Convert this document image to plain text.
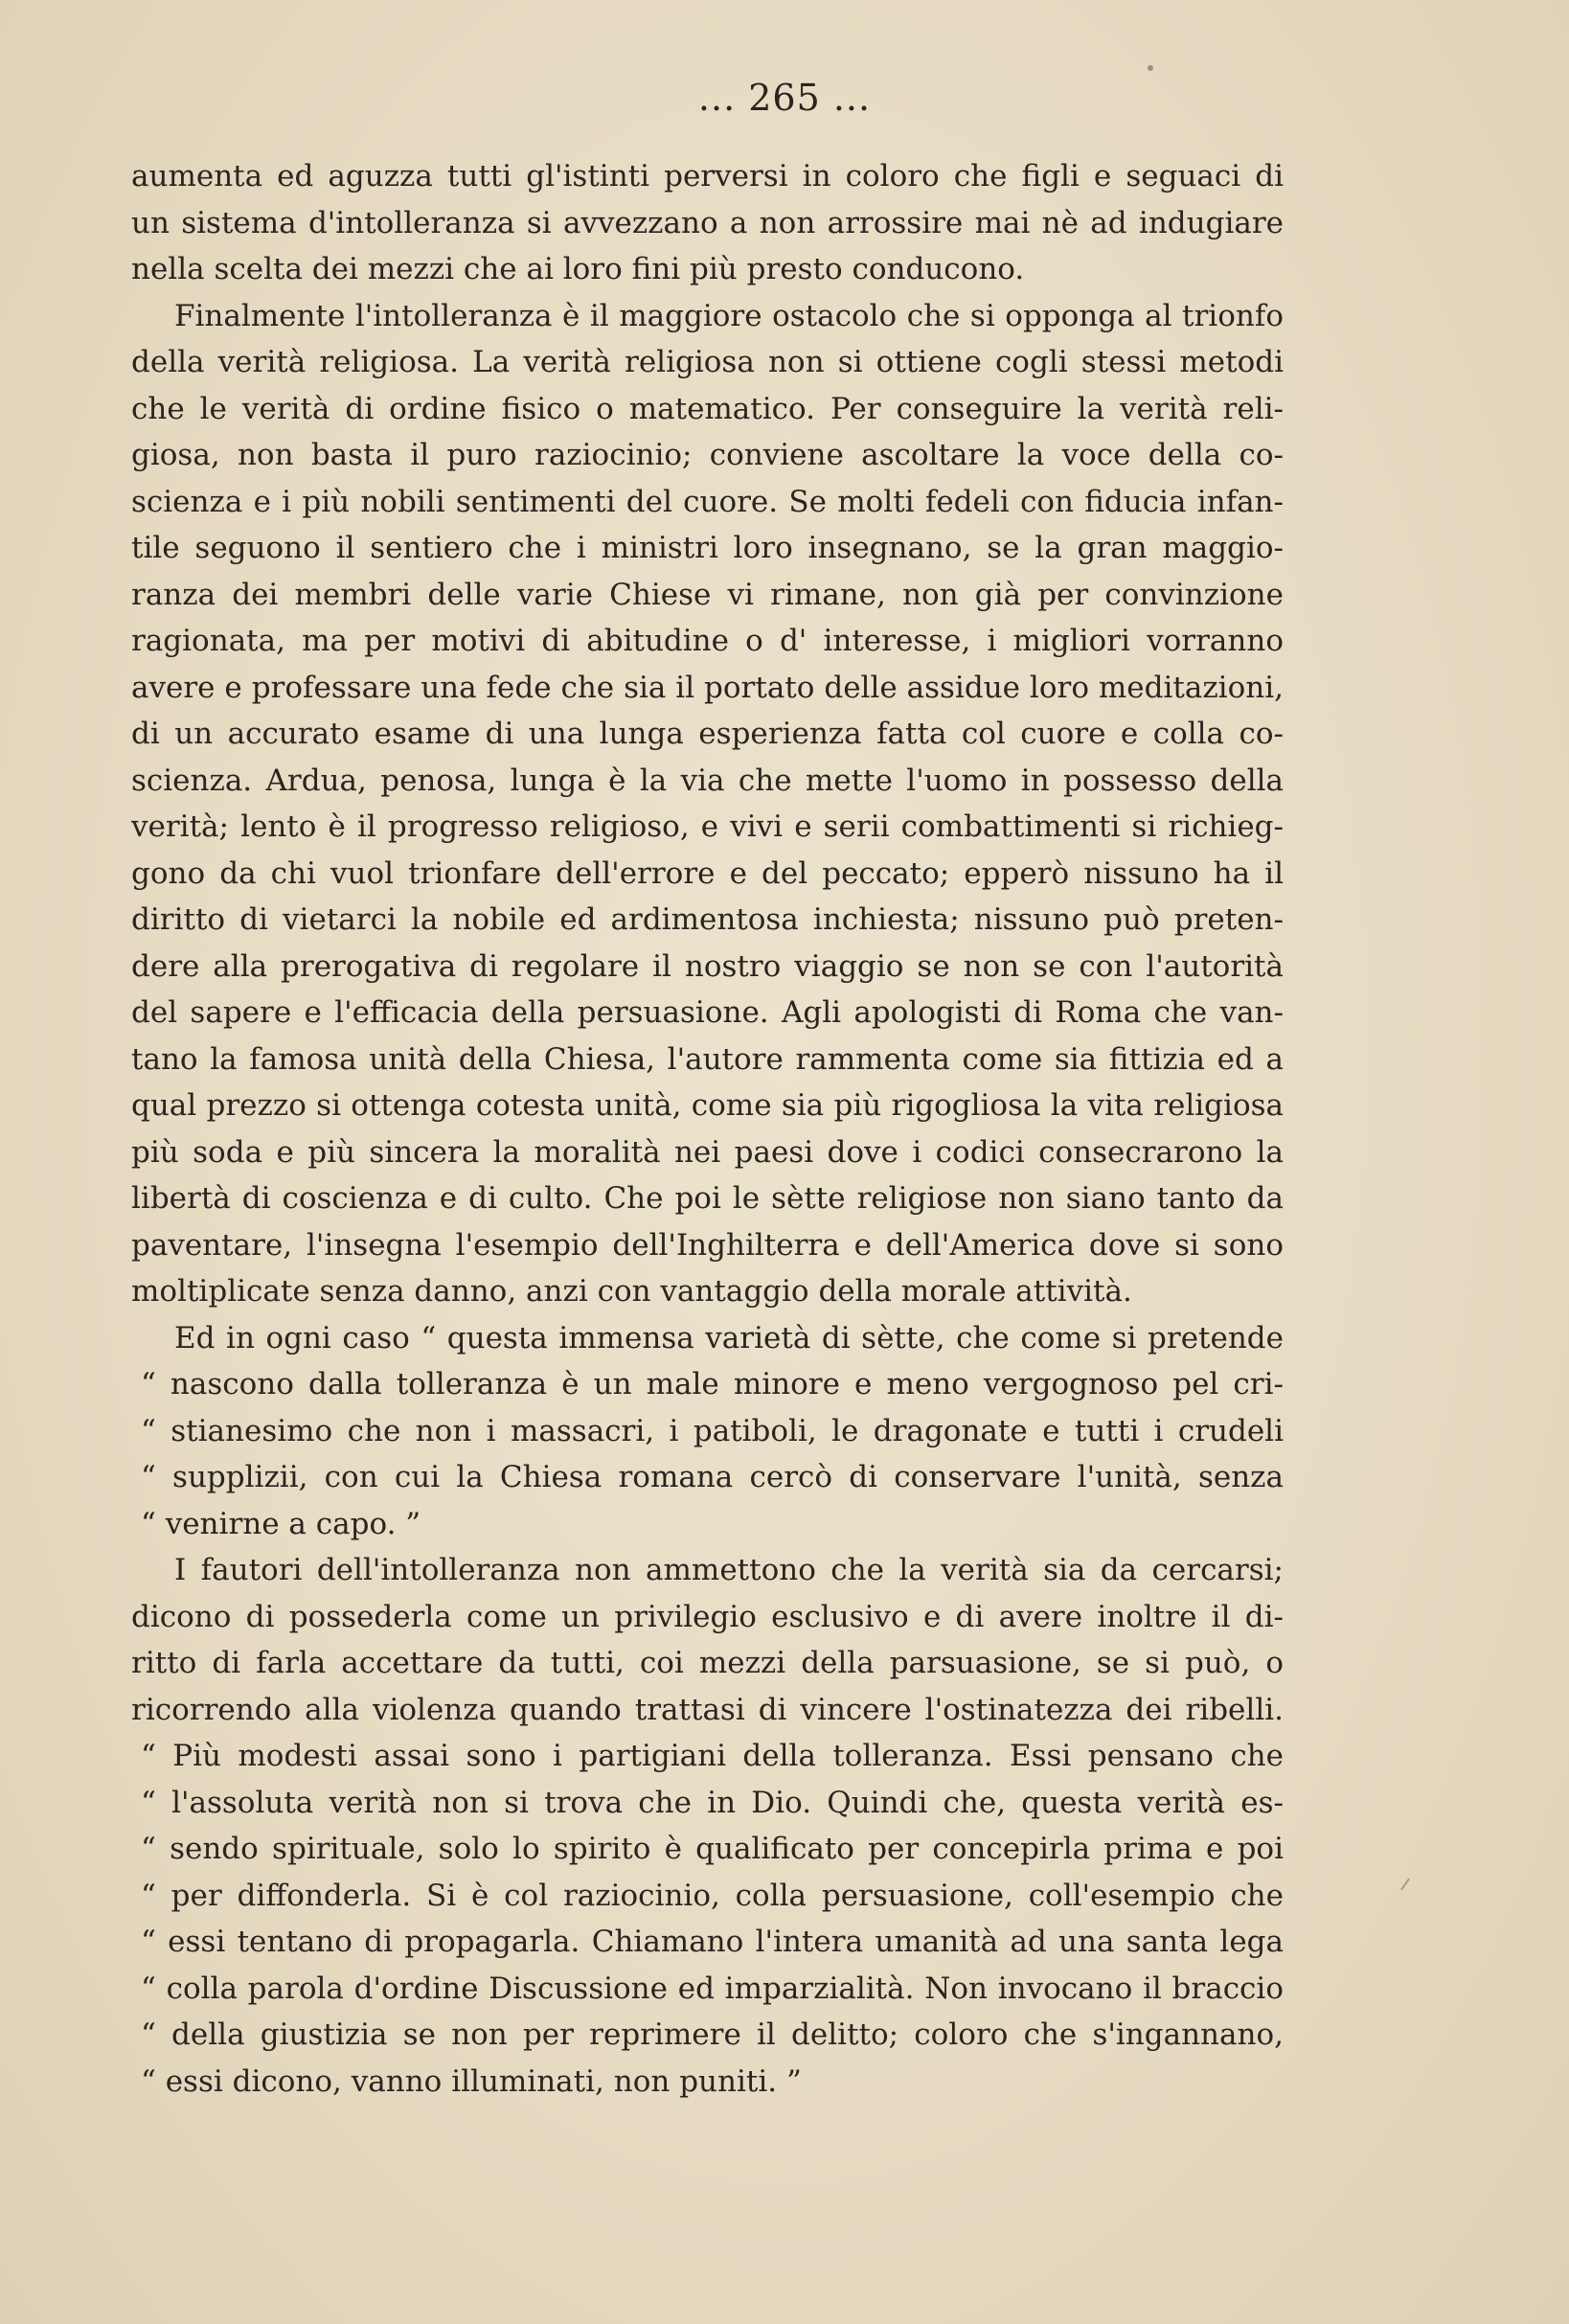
... 265 ...
aumenta ed aguzza tutti gl'istinti perversi in coloro che figli e seguaci di
un sistema d'intolleranza si avvezzano a non arrossire mai nè ad indugiare
nella scelta dei mezzi che ai loro fini più presto conducono.
Finalmente l'intolleranza è il maggiore ostacolo che si opponga al trionfo
della verità religiosa. La verità religiosa non si ottiene cogli stessi metodi
che le verità di ordine fisico o matematico. Per conseguire la verità reli-
giosa, non basta il puro raziocinio; conviene ascoltare la voce della co-
scienza e i più nobili sentimenti del cuore. Se molti fedeli con fiducia infan-
tile seguono il sentiero che i ministri loro insegnano, se la gran maggio-
ranza dei membri delle varie Chiese vi rimane, non già per convinzione
ragionata, ma per motivi di abitudine o d' interesse, i migliori vorranno
avere e professare una fede che sia il portato delle assidue loro meditazioni,
di un accurato esame di una lunga esperienza fatta col cuore e colla co-
scienza. Ardua, penosa, lunga è la via che mette l'uomo in possesso della
verità; lento è il progresso religioso, e vivi e serii combattimenti si richieg-
gono da chi vuol trionfare dell'errore e del peccato; epperò nissuno ha il
diritto di vietarci la nobile ed ardimentosa inchiesta; nissuno può preten-
dere alla prerogativa di regolare il nostro viaggio se non se con l'autorità
del sapere e l'efficacia della persuasione. Agli apologisti di Roma che van-
tano la famosa unità della Chiesa, l'autore rammenta come sia fittizia ed a
qual prezzo si ottenga cotesta unità, come sia più rigogliosa la vita religiosa
più soda e più sincera la moralità nei paesi dove i codici consecrarono la
libertà di coscienza e di culto. Che poi le sètte religiose non siano tanto da
paventare, l'insegna l'esempio dell'Inghilterra e dell'America dove si sono
moltiplicate senza danno, anzi con vantaggio della morale attività.
Ed in ogni caso “ questa immensa varietà di sètte, che come si pretende
“ nascono dalla tolleranza è un male minore e meno vergognoso pel cri-
“ stianesimo che non i massacri, i patiboli, le dragonate e tutti i crudeli
“ supplizii, con cui la Chiesa romana cercò di conservare l'unità, senza
“ venirne a capo. ”
I fautori dell'intolleranza non ammettono che la verità sia da cercarsi;
dicono di possederla come un privilegio esclusivo e di avere inoltre il di-
ritto di farla accettare da tutti, coi mezzi della parsuasione, se si può, o
ricorrendo alla violenza quando trattasi di vincere l'ostinatezza dei ribelli.
“ Più modesti assai sono i partigiani della tolleranza. Essi pensano che
“ l'assoluta verità non si trova che in Dio. Quindi che, questa verità es-
“ sendo spirituale, solo lo spirito è qualificato per concepirla prima e poi
“ per diffonderla. Si è col raziocinio, colla persuasione, coll'esempio che
“ essi tentano di propagarla. Chiamano l'intera umanità ad una santa lega
“ colla parola d'ordine Discussione ed imparzialità. Non invocano il braccio
“ della giustizia se non per reprimere il delitto; coloro che s'ingannano,
“ essi dicono, vanno illuminati, non puniti. ”
